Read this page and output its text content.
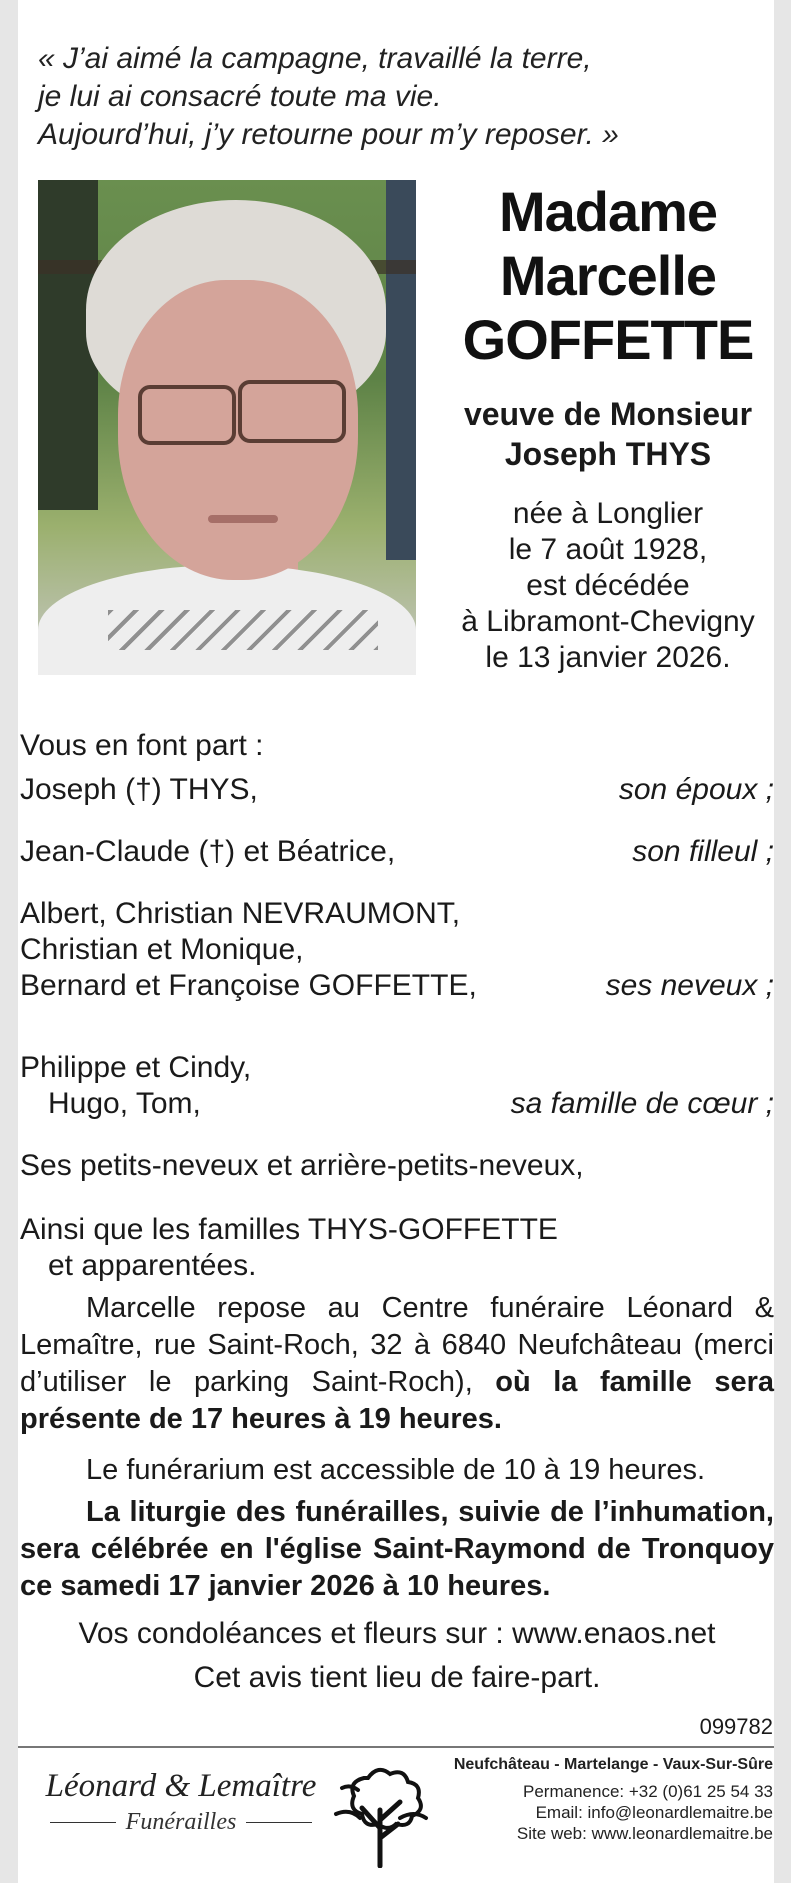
« J’ai aimé la campagne, travaillé la terre,
je lui ai consacré toute ma vie.
Aujourd’hui, j’y retourne pour m’y reposer. »
Madame
Marcelle
GOFFETTE
veuve de Monsieur
Joseph THYS
née à Longlier
le 7 août 1928,
est décédée
à Libramont-Chevigny
le 13 janvier 2026.
Vous en font part :
Joseph (†) THYS,	son époux ;
Jean-Claude (†) et Béatrice,	son filleul ;
Albert, Christian NEVRAUMONT,
Christian et Monique,
Bernard et Françoise GOFFETTE,	ses neveux ;
Philippe et Cindy,
Hugo, Tom,	sa famille de cœur ;
Ses petits-neveux et arrière-petits-neveux,
Ainsi que les familles THYS-GOFFETTE
et apparentées.
Marcelle repose au Centre funéraire Léonard & Lemaître, rue Saint-Roch, 32 à 6840 Neufchâteau (merci d’utiliser le parking Saint-Roch), où la famille sera présente de 17 heures à 19 heures.
Le funérarium est accessible de 10 à 19 heures.
La liturgie des funérailles, suivie de l’inhumation, sera célébrée en l'église Saint-Raymond de Tronquoy ce samedi 17 janvier 2026 à 10 heures.
Vos condoléances et fleurs sur : www.enaos.net
Cet avis tient lieu de faire-part.
099782
Léonard & Lemaître
Funérailles
Neufchâteau - Martelange - Vaux-Sur-Sûre
Permanence: +32 (0)61 25 54 33
Email: info@leonardlemaitre.be
Site web: www.leonardlemaitre.be
